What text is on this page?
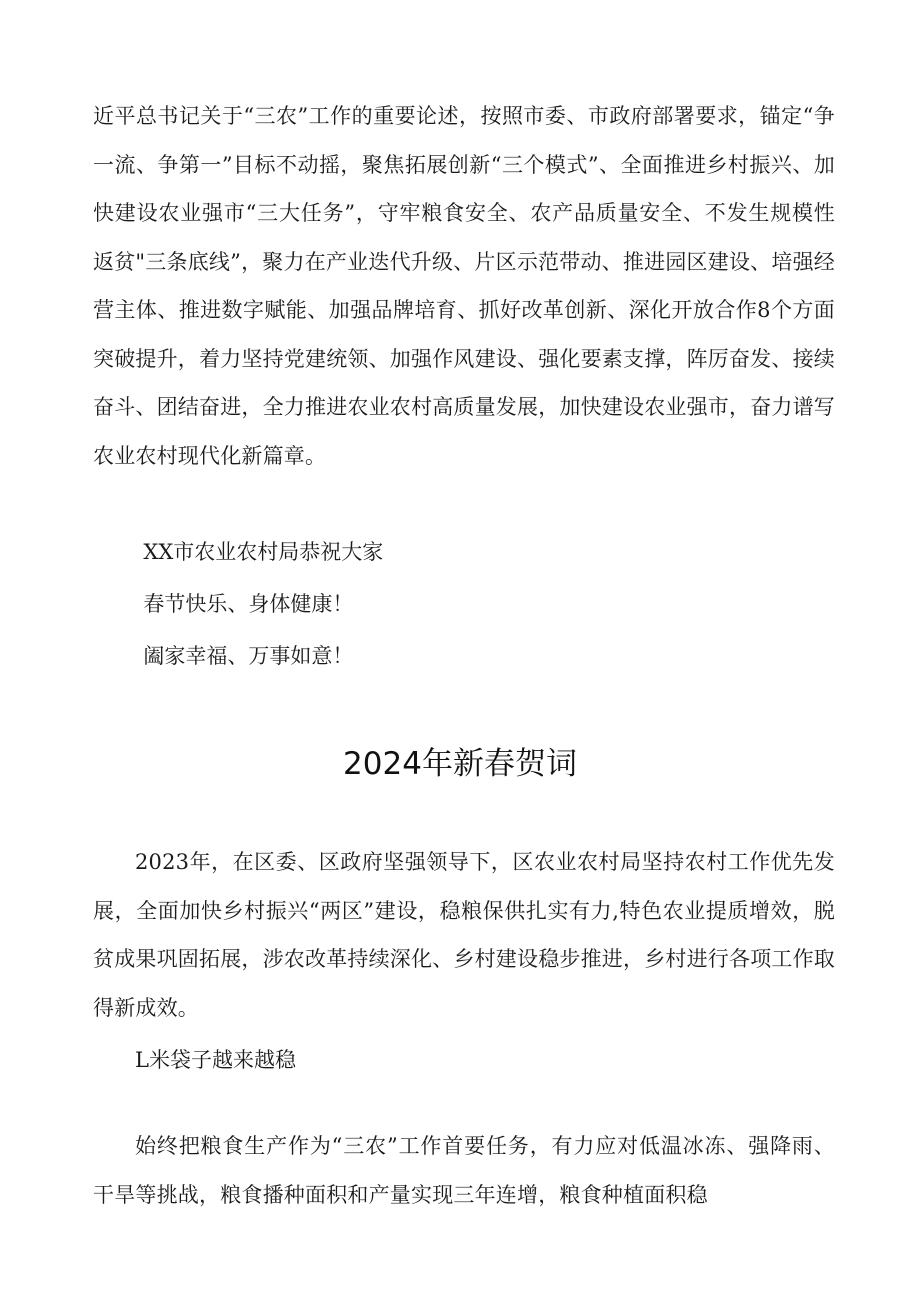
近平总书记关于“三农”工作的重要论述，按照市委、市政府部署要求，锚定“争一流、争第一”目标不动摇，聚焦拓展创新“三个模式”、全面推进乡村振兴、加快建设农业强市“三大任务”，守牢粮食安全、农产品质量安全、不发生规模性返贫"三条底线”，聚力在产业迭代升级、片区示范带动、推进园区建设、培强经营主体、推进数字赋能、加强品牌培育、抓好改革创新、深化开放合作8个方面突破提升，着力坚持党建统领、加强作风建设、强化要素支撑，阵厉奋发、接续奋斗、团结奋进，全力推进农业农村高质量发展，加快建设农业强市，奋力谱写农业农村现代化新篇章。

XX市农业农村局恭祝大家
春节快乐、身体健康！
阖家幸福、万事如意！
2024年新春贺词

2023年，在区委、区政府坚强领导下，区农业农村局坚持农村工作优先发展，全面加快乡村振兴“两区”建设，稳粮保供扎实有力,特色农业提质增效，脱贫成果巩固拓展，涉农改革持续深化、乡村建设稳步推进，乡村进行各项工作取得新成效。

L米袋子越来越稳

始终把粮食生产作为“三农”工作首要任务，有力应对低温冰冻、强降雨、干旱等挑战，粮食播种面积和产量实现三年连增，粮食种植面积稳
